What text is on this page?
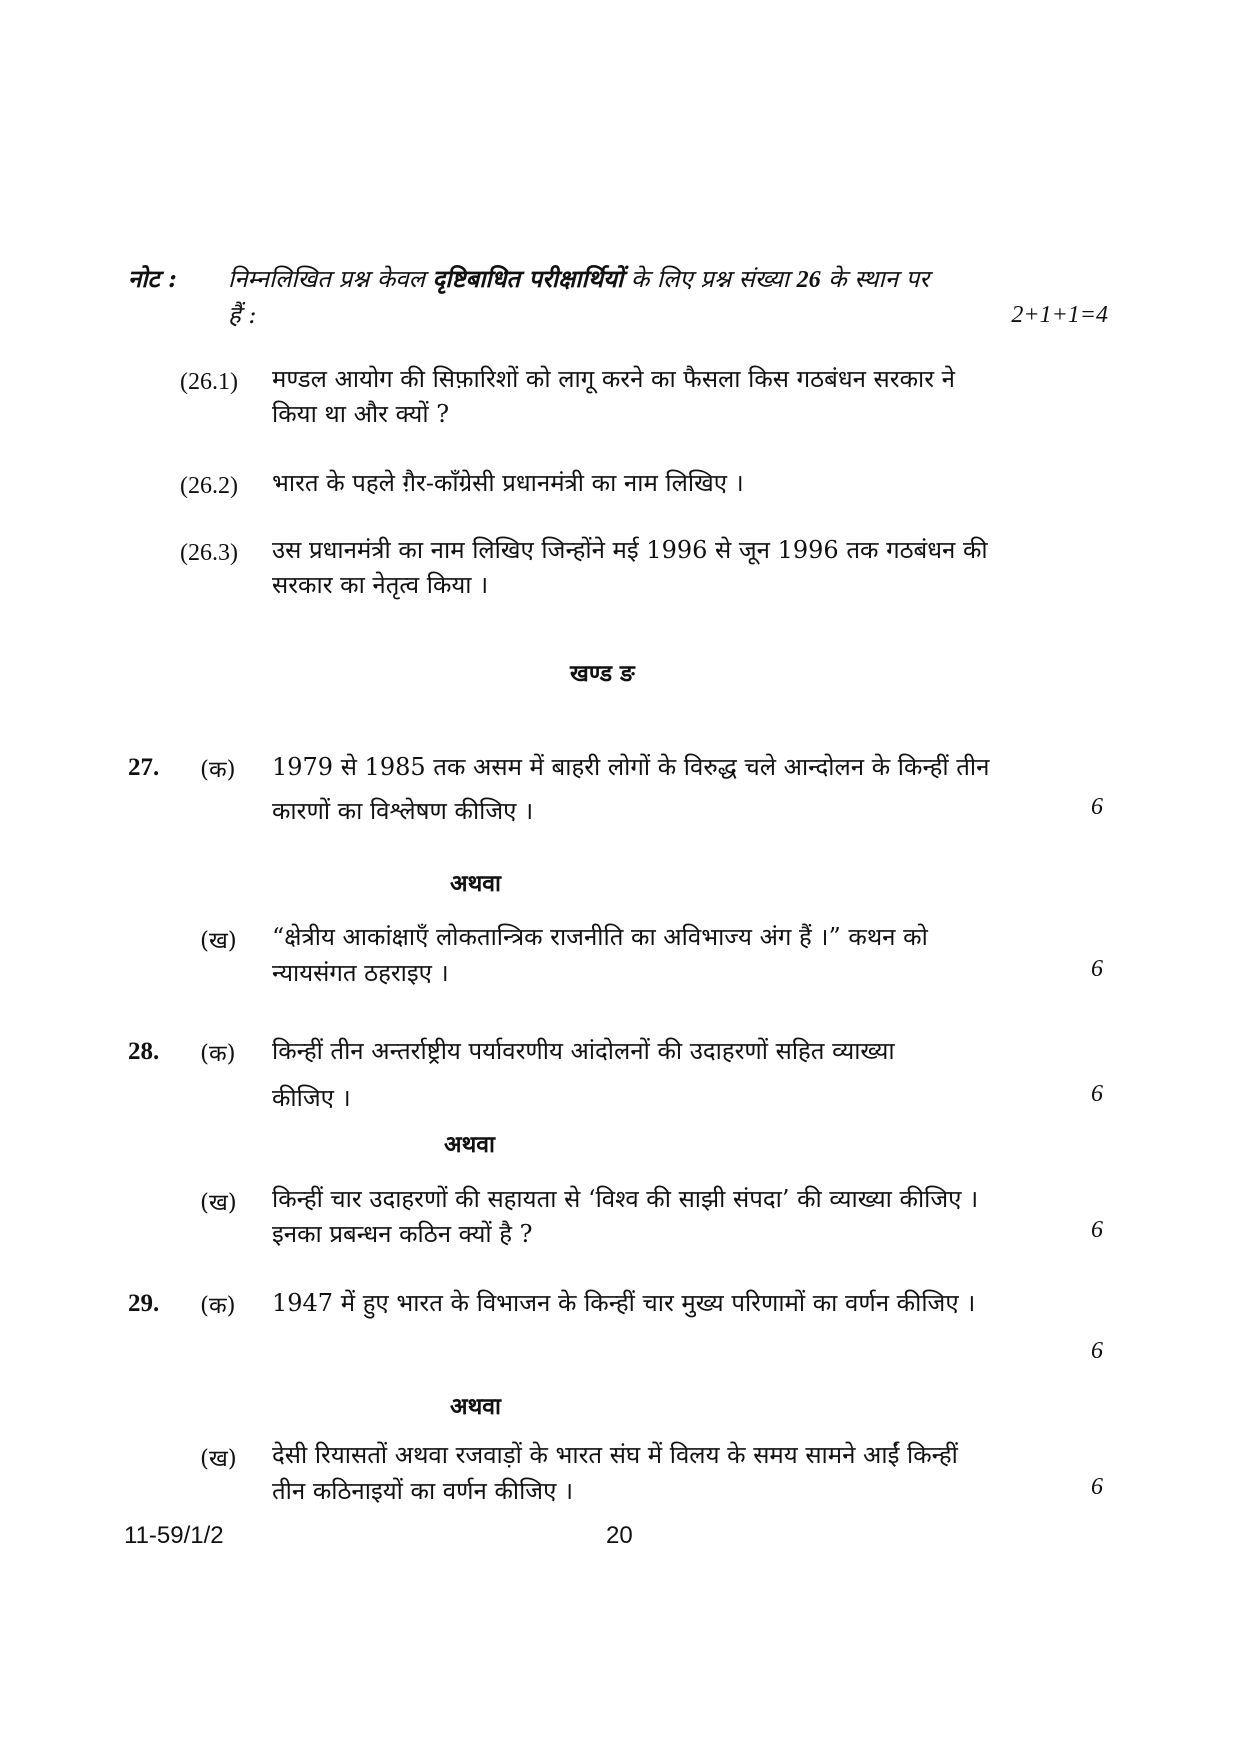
नोट : निम्नलिखित प्रश्न केवल दृष्टिबाधित परीक्षार्थियों के लिए प्रश्न संख्या 26 के स्थान पर
हैं :	2+1+1=4
(26.1) मण्डल आयोग की सिफ़ारिशों को लागू करने का फैसला किस गठबंधन सरकार ने
किया था और क्यों ?
(26.2) भारत के पहले ग़ैर-काँग्रेसी प्रधानमंत्री का नाम लिखिए ।
(26.3) उस प्रधानमंत्री का नाम लिखिए जिन्होंने मई 1996 से जून 1996 तक गठबंधन की
सरकार का नेतृत्व किया ।
खण्ड ङ
27. (क) 1979 से 1985 तक असम में बाहरी लोगों के विरुद्ध चले आन्दोलन के किन्हीं तीन
कारणों का विश्लेषण कीजिए ।	6
अथवा
(ख) “क्षेत्रीय आकांक्षाएँ लोकतान्त्रिक राजनीति का अविभाज्य अंग हैं ।” कथन को
न्यायसंगत ठहराइए ।	6
28. (क) किन्हीं तीन अन्तर्राष्ट्रीय पर्यावरणीय आंदोलनों की उदाहरणों सहित व्याख्या
कीजिए ।	6
अथवा
(ख) किन्हीं चार उदाहरणों की सहायता से ‘विश्व की साझी संपदा’ की व्याख्या कीजिए ।
इनका प्रबन्धन कठिन क्यों है ?	6
29. (क) 1947 में हुए भारत के विभाजन के किन्हीं चार मुख्य परिणामों का वर्णन कीजिए ।
6
अथवा
(ख) देसी रियासतों अथवा रजवाड़ों के भारत संघ में विलय के समय सामने आईं किन्हीं
तीन कठिनाइयों का वर्णन कीजिए ।	6
11-59/1/2	20
